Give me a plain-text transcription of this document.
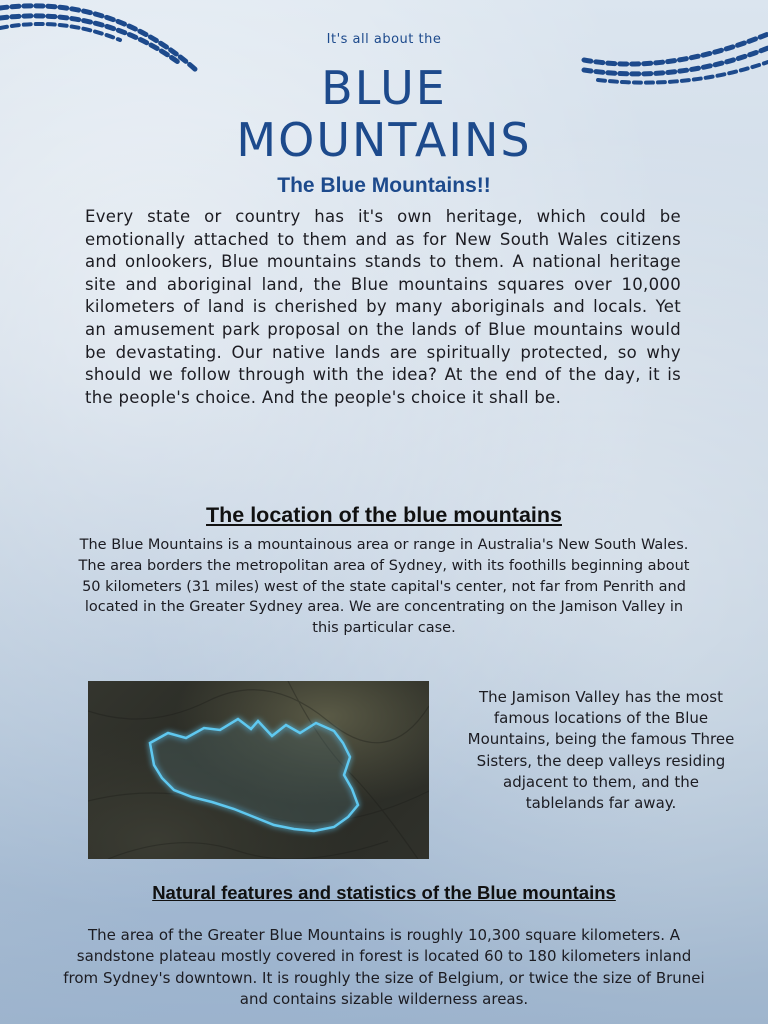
It's all about the
BLUE
MOUNTAINS
The Blue Mountains!!

Every state or country has it's own heritage, which could be emotionally attached to them and as for New South Wales citizens and onlookers, Blue mountains stands to them. A national heritage site and aboriginal land, the Blue mountains squares over 10,000 kilometers of land is cherished by many aboriginals and locals. Yet an amusement park proposal on the lands of Blue mountains would be devastating. Our native lands are spiritually protected, so why should we follow through with the idea? At the end of the day, it is the people's choice. And the people's choice it shall be.

The location of the blue mountains

The Blue Mountains is a mountainous area or range in Australia's New South Wales. The area borders the metropolitan area of Sydney, with its foothills beginning about 50 kilometers (31 miles) west of the state capital's center, not far from Penrith and located in the Greater Sydney area. We are concentrating on the Jamison Valley in this particular case.

The Jamison Valley has the most famous locations of the Blue Mountains, being the famous Three Sisters, the deep valleys residing adjacent to them, and the tablelands far away.

Natural features and statistics of the Blue mountains

The area of the Greater Blue Mountains is roughly 10,300 square kilometers. A sandstone plateau mostly covered in forest is located 60 to 180 kilometers inland from Sydney's downtown. It is roughly the size of Belgium, or twice the size of Brunei and contains sizable wilderness areas.
